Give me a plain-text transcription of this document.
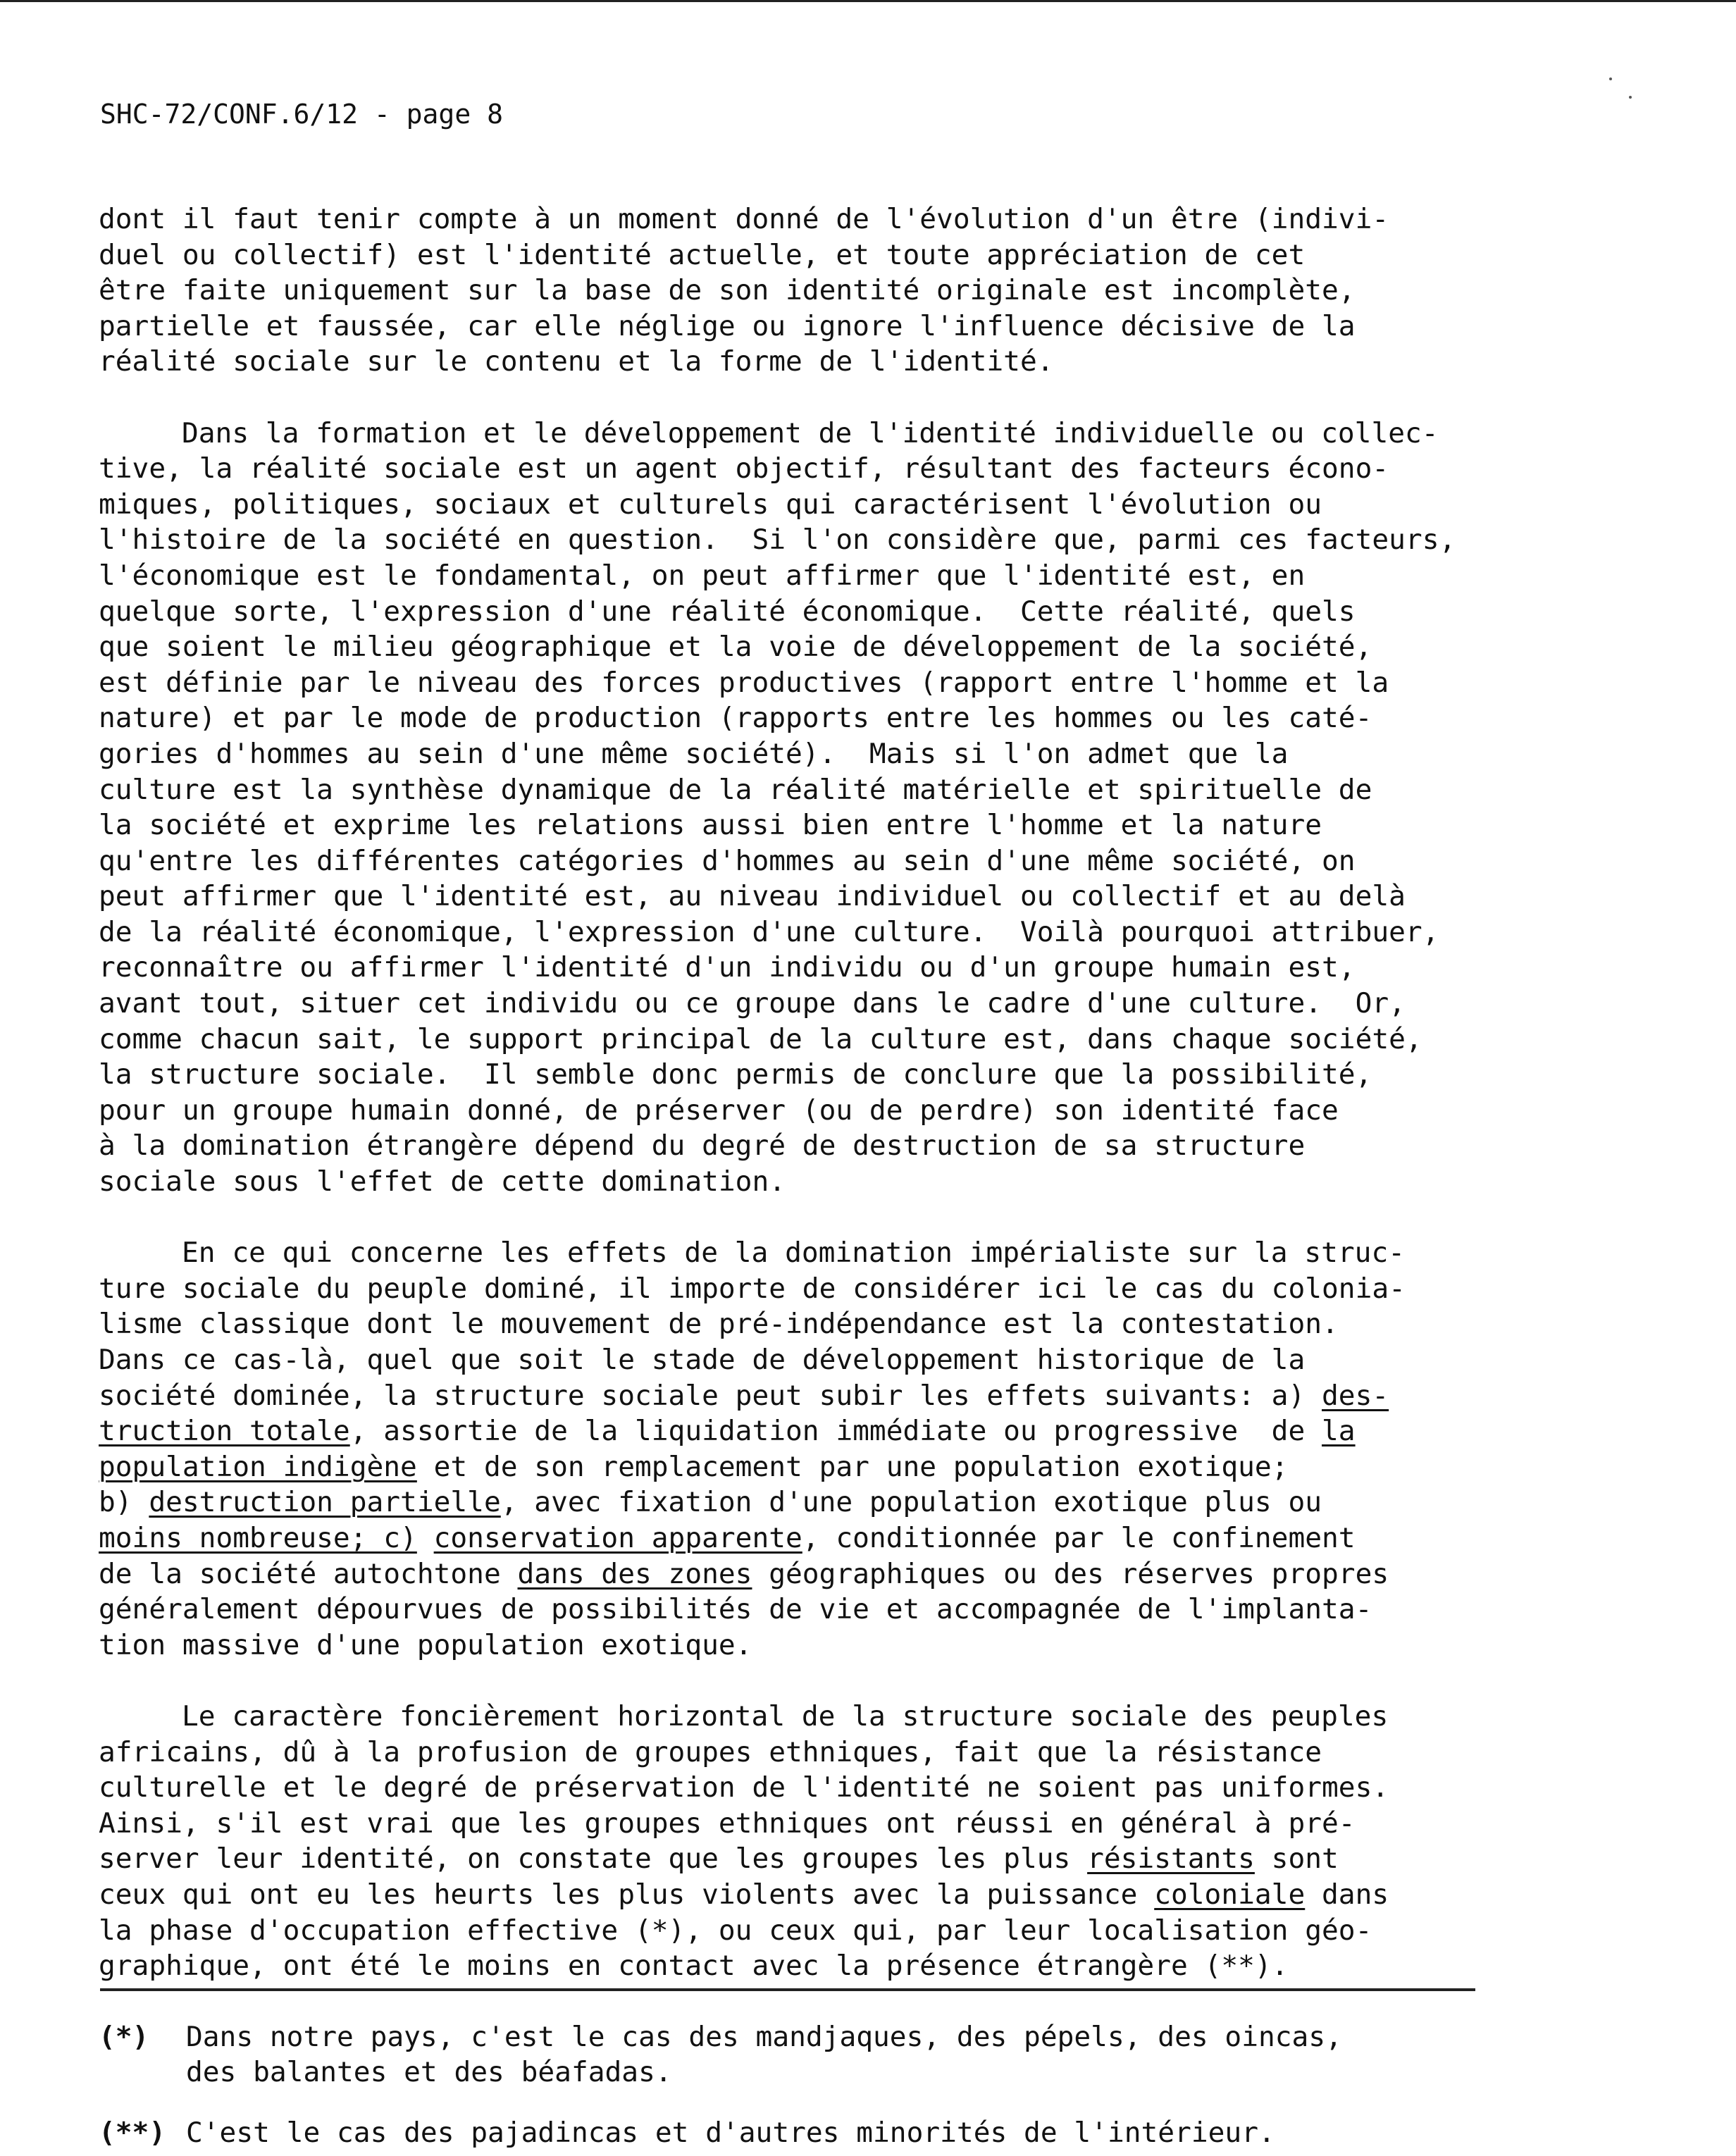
SHC-72/CONF.6/12 - page 8
dont il faut tenir compte à un moment donné de l'évolution d'un être (indivi-
duel ou collectif) est l'identité actuelle, et toute appréciation de cet
être faite uniquement sur la base de son identité originale est incomplète,
partielle et faussée, car elle néglige ou ignore l'influence décisive de la
réalité sociale sur le contenu et la forme de l'identité.
Dans la formation et le développement de l'identité individuelle ou collec-
tive, la réalité sociale est un agent objectif, résultant des facteurs écono-
miques, politiques, sociaux et culturels qui caractérisent l'évolution ou
l'histoire de la société en question.  Si l'on considère que, parmi ces facteurs,
l'économique est le fondamental, on peut affirmer que l'identité est, en
quelque sorte, l'expression d'une réalité économique.  Cette réalité, quels
que soient le milieu géographique et la voie de développement de la société,
est définie par le niveau des forces productives (rapport entre l'homme et la
nature) et par le mode de production (rapports entre les hommes ou les caté-
gories d'hommes au sein d'une même société).  Mais si l'on admet que la
culture est la synthèse dynamique de la réalité matérielle et spirituelle de
la société et exprime les relations aussi bien entre l'homme et la nature
qu'entre les différentes catégories d'hommes au sein d'une même société, on
peut affirmer que l'identité est, au niveau individuel ou collectif et au delà
de la réalité économique, l'expression d'une culture.  Voilà pourquoi attribuer,
reconnaître ou affirmer l'identité d'un individu ou d'un groupe humain est,
avant tout, situer cet individu ou ce groupe dans le cadre d'une culture.  Or,
comme chacun sait, le support principal de la culture est, dans chaque société,
la structure sociale.  Il semble donc permis de conclure que la possibilité,
pour un groupe humain donné, de préserver (ou de perdre) son identité face
à la domination étrangère dépend du degré de destruction de sa structure
sociale sous l'effet de cette domination.
En ce qui concerne les effets de la domination impérialiste sur la struc-
ture sociale du peuple dominé, il importe de considérer ici le cas du colonia-
lisme classique dont le mouvement de pré-indépendance est la contestation.
Dans ce cas-là, quel que soit le stade de développement historique de la
société dominée, la structure sociale peut subir les effets suivants: a) des-
truction totale, assortie de la liquidation immédiate ou progressive  de la
population indigène et de son remplacement par une population exotique;
b) destruction partielle, avec fixation d'une population exotique plus ou
moins nombreuse; c) conservation apparente, conditionnée par le confinement
de la société autochtone dans des zones géographiques ou des réserves propres
généralement dépourvues de possibilités de vie et accompagnée de l'implanta-
tion massive d'une population exotique.
Le caractère foncièrement horizontal de la structure sociale des peuples
africains, dû à la profusion de groupes ethniques, fait que la résistance
culturelle et le degré de préservation de l'identité ne soient pas uniformes.
Ainsi, s'il est vrai que les groupes ethniques ont réussi en général à pré-
server leur identité, on constate que les groupes les plus résistants sont
ceux qui ont eu les heurts les plus violents avec la puissance coloniale dans
la phase d'occupation effective (*), ou ceux qui, par leur localisation géo-
graphique, ont été le moins en contact avec la présence étrangère (**).
(*) Dans notre pays, c'est le cas des mandjaques, des pépels, des oincas,
des balantes et des béafadas.
(**) C'est le cas des pajadincas et d'autres minorités de l'intérieur.
